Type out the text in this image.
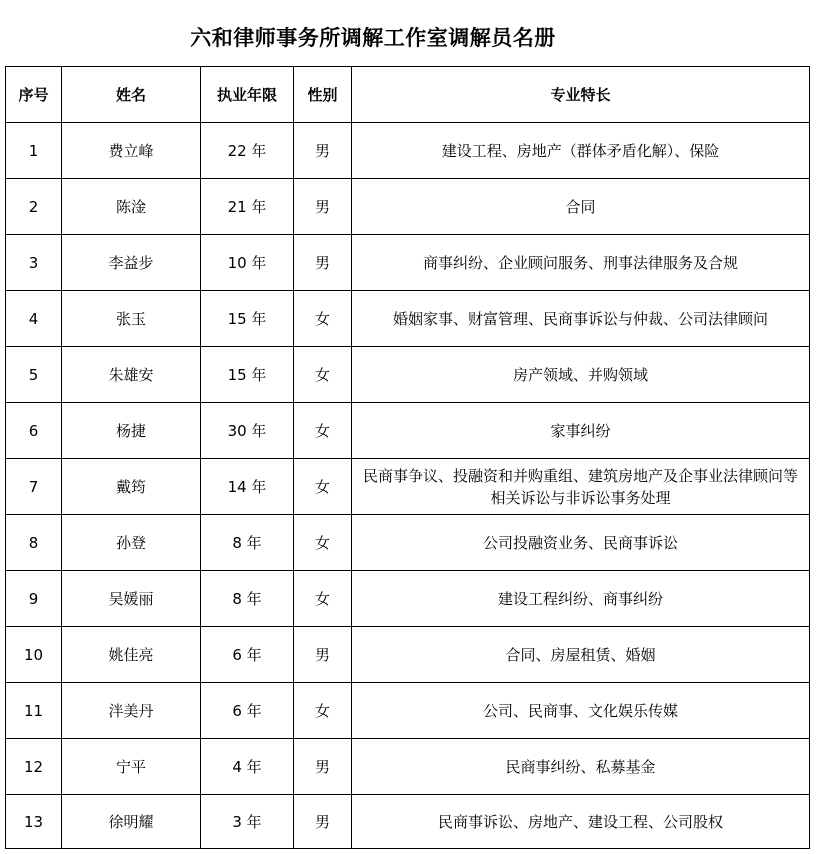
六和律师事务所调解工作室调解员名册
序号	姓名	执业年限	性别	专业特长
1	费立峰	22 年	男	建设工程、房地产（群体矛盾化解）、保险
2	陈淦	21 年	男	合同
3	李益步	10 年	男	商事纠纷、企业顾问服务、刑事法律服务及合规
4	张玉	15 年	女	婚姻家事、财富管理、民商事诉讼与仲裁、公司法律顾问
5	朱雄安	15 年	女	房产领域、并购领域
6	杨捷	30 年	女	家事纠纷
7	戴筠	14 年	女	民商事争议、投融资和并购重组、建筑房地产及企事业法律顾问等相关诉讼与非诉讼事务处理
8	孙登	8 年	女	公司投融资业务、民商事诉讼
9	吴媛丽	8 年	女	建设工程纠纷、商事纠纷
10	姚佳亮	6 年	男	合同、房屋租赁、婚姻
11	泮美丹	6 年	女	公司、民商事、文化娱乐传媒
12	宁平	4 年	男	民商事纠纷、私募基金
13	徐明耀	3 年	男	民商事诉讼、房地产、建设工程、公司股权
